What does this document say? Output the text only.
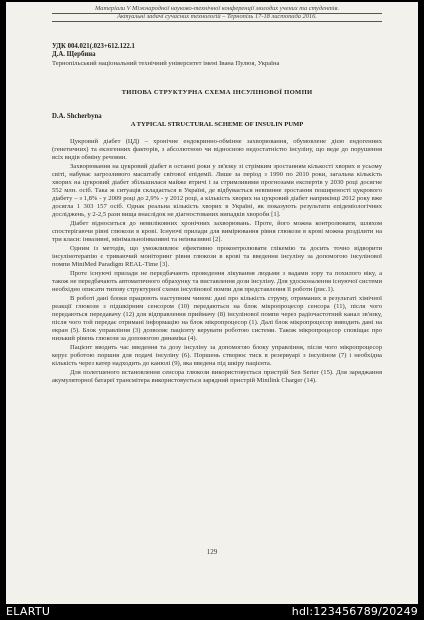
Матеріали V Міжнародної науково-технічної конференції молодих учених та студентів.
Актуальні задачі сучасних технологій – Тернопіль 17-18 листопада 2016.
УДК 004.021(.023+612.122.1
Д.А. Щербина
Тернопільський національний технічний університет імені Івана Пулюя, Україна
ТИПОВА СТРУКТУРНА СХЕМА ІНСУЛІНОВОЇ ПОМПИ
D.A. Shcherbyna
A TYPICAL STRUCTURAL SCHEME OF INSULIN PUMP

Цукровий діабет (ЦД) – хронічне ендокринно-обмінне захворювання, обумовлене дією ендогенних (генетичних) та екзогенних факторів, з абсолютною чи відносною недостатністю інсуліну, що веде до порушення всіх видів обміну речовин.

Захворювання на цукровий діабет в останні роки у зв'язку зі стрімким зростанням кількості хворих в усьому світі, набуває загрозливого масштабу світової епідемії. Лише за період з 1990 по 2010 роки, загальна кількість хворих на цукровий діабет збільшилася майже втричі і за стримливими прогнозами експертів у 2030 році досягне 552 млн. осіб. Така ж ситуація складається в Україні, де відбувається невпинне зростання поширеності цукрового діабету – з 1,8% - у 2009 році до 2,9% - у 2012 році, а кількість хворих на цукровий діабет наприкінці 2012 року вже досягла 1 303 157 осіб. Однак реальна кількість хворих в Україні, як показують результати епідеміологічних досліджень, у 2-2,5 рази вища внаслідок не діагностованих випадків хвороби [1].

Діабет відноситься до невиліковних хронічних захворювань. Проте, його можна контролювати, шляхом спостерігаючи рівні глюкози в крові. Існуючі прилади для вимірювання рівня глюкози в крові можна розділити на три класи: інвазивні, мінімальноінвазивні та неінвазивні [2].

Одним із методів, що уможливлює ефективно проконтролювати глікемію та досить точно відворити інсулінотерапію є триваючий моніторинг рівня глюкози в крові та введення інсуліну за допомогою інсулінової помпи MiniMed Paradigm REAL-Time [3].

Проте існуючі прилади не передбачають проведення лікування людьми з вадами зору та похилого віку, а також не передбачають автоматичного обрахунку та виставлення дози інсуліну. Для удосконалення існуючої системи необхідно описати типову структурної схеми інсулінової помпи для представлення її роботи (рис.1).

В роботі дані блоки працюють наступним чином: дані про кількість струму, отриманих в результаті хімічної реакції глюкози з підшкірним сенсором (10) передаються на блок мікропроцесор сенсора (11), після чого передаються передавачу (12) для відправлення приймачу (8) інсулінової помпи через радіочастотний канал зв'язку, після чого той передає отримані інформацію на блок мікропроцесор (1). Далі блок мікропроцесор виводить дані на екран (5). Блок управління (3) дозволяє пацієнту керувати роботою системи. Також мікропроцесор сповіщає про низький рівень глюкози за допомогою динаміка (4).

Пацієнт вводить час введення та дозу інсуліну за допомогою блоку управління, після чого мікропроцесор керує роботою поршня для подачі інсуліну (6). Поршень створює тиск в резервуарі з інсуліном (7) і необхідна кількість через катер надходить до канюлі (9), яка введена під шкіру пацієнта.

Для полегшеного встановлення сенсора глюкози використовується пристрій Sen Serter (15). Для заряджання акумуляторної батареї трансмітера використовується зарядний пристрій Minilink Charger (14).

129
ELARTU	hdl:123456789/20249
